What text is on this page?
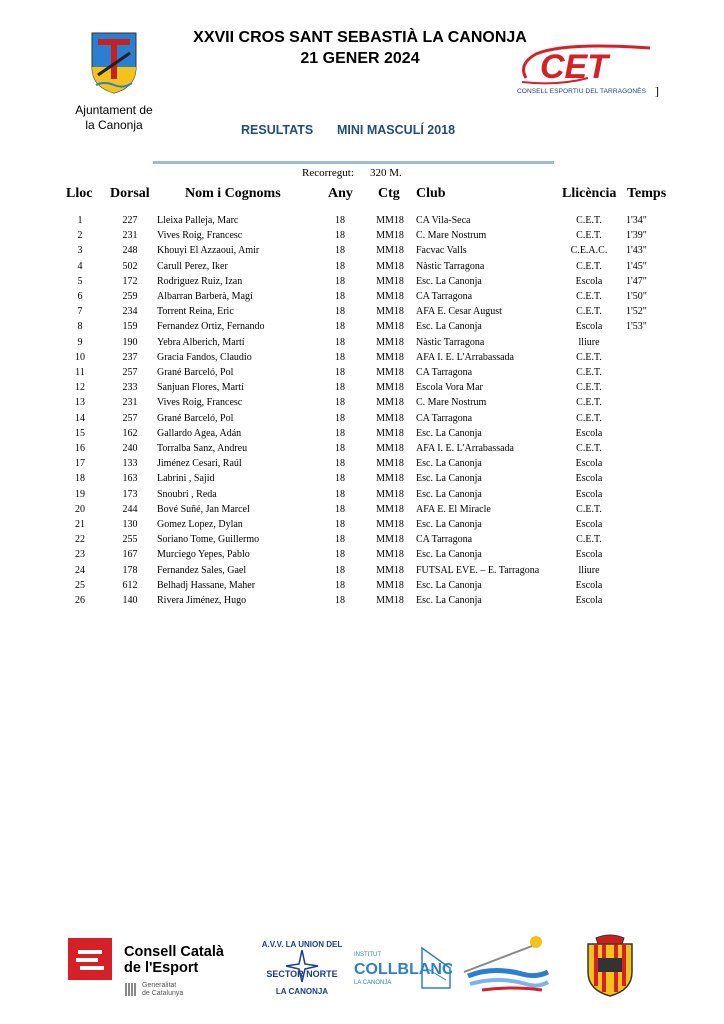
Ajuntament de
la Canonja
XXVII CROS SANT SEBASTIÀ LA CANONJA
21 GENER 2024	CET
CONSELL ESPORTIU DEL TARRAGONÈS ]
RESULTATS MINI MASCULÍ 2018
Recorregut: 320 M.
Lloc Dorsal	Nom i Cognoms	Any Ctg Club	Llicència Temps
1	227	Lleixa Palleja, Marc	18	MM18	CA Vila-Seca	C.E.T.	1'34"
2	231	Vives Roig, Francesc	18	MM18	C. Mare Nostrum	C.E.T.	1'39"
3	248	Khouyi El Azzaoui, Amir	18	MM18	Facvac Valls	C.E.A.C.	1'43"
4	502	Carull Perez, Iker	18	MM18	Nàstic Tarragona	C.E.T.	1'45"
5	172	Rodriguez Ruiz, Izan	18	MM18	Esc. La Canonja	Escola	1'47"
6	259	Albarran Barberà, Magí	18	MM18	CA Tarragona	C.E.T.	1'50"
7	234	Torrent Reina, Eric	18	MM18	AFA E. Cesar August	C.E.T.	1'52"
8	159	Fernandez Ortiz, Fernando	18	MM18	Esc. La Canonja	Escola	1'53"
9	190	Yebra Alberich, Martí	18	MM18	Nàstic Tarragona	lliure
10	237	Gracia Fandos, Claudio	18	MM18	AFA I. E. L'Arrabassada	C.E.T.
11	257	Grané Barceló, Pol	18	MM18	CA Tarragona	C.E.T.
12	233	Sanjuan Flores, Martí	18	MM18	Escola Vora Mar	C.E.T.
13	231	Vives Roig, Francesc	18	MM18	C. Mare Nostrum	C.E.T.
14	257	Grané Barceló, Pol	18	MM18	CA Tarragona	C.E.T.
15	162	Gallardo Agea, Adán	18	MM18	Esc. La Canonja	Escola
16	240	Torralba Sanz, Andreu	18	MM18	AFA I. E. L'Arrabassada	C.E.T.
17	133	Jiménez Cesari, Raúl	18	MM18	Esc. La Canonja	Escola
18	163	Labrini , Sajid	18	MM18	Esc. La Canonja	Escola
19	173	Snoubri , Reda	18	MM18	Esc. La Canonja	Escola
20	244	Bové Suñé, Jan Marcel	18	MM18	AFA E. El Miracle	C.E.T.
21	130	Gomez Lopez, Dylan	18	MM18	Esc. La Canonja	Escola
22	255	Soriano Tome, Guillermo	18	MM18	CA Tarragona	C.E.T.
23	167	Murciego Yepes, Pablo	18	MM18	Esc. La Canonja	Escola
24	178	Fernandez Sales, Gael	18	MM18	FUTSAL EVE. – E. Tarragona	lliure
25	612	Belhadj Hassane, Maher	18	MM18	Esc. La Canonja	Escola
26	140	Rivera Jiménez, Hugo	18	MM18	Esc. La Canonja	Escola
Consell Català
de l'Esport
Generalitat
de Catalunya
A.V.V. LA UNION DEL
SECTOR NORTE
LA CANONJA
INSTITUT
COLLBLANC
LA CANONJA
